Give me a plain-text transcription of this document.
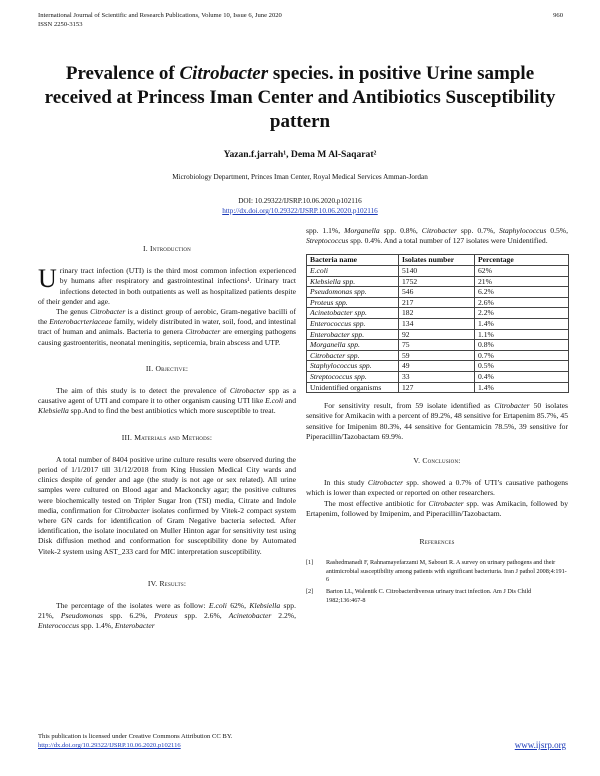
International Journal of Scientific and Research Publications, Volume 10, Issue 6, June 2020
ISSN 2250-3153
960
Prevalence of Citrobacter species. in positive Urine sample received at Princess Iman Center and Antibiotics Susceptibility pattern
Yazan.f.jarrah¹, Dema M Al-Saqarat²
Microbiology Department, Princes Iman Center, Royal Medical Services Amman-Jordan
DOI: 10.29322/IJSRP.10.06.2020.p102116
http://dx.doi.org/10.29322/IJSRP.10.06.2020.p102116
I. Introduction

Urinary tract infection (UTI) is the third most common infection experienced by humans after respiratory and gastrointestinal infections¹. Urinary tract infections detected in both outpatients as well as hospitalized patients despite of their gender and age.

The genus Citrobacter is a distinct group of aerobic, Gram-negative bacilli of the Enterobacrteriaceae family, widely distributed in water, soil, food, and intestinal tract of human and animals. Bacteria to genera Citrobacter are emerging pathogens causing gastroenteritis, neonatal meningitis, septicemia, brain abscess and UTP.

II. Objective:

The aim of this study is to detect the prevalence of Citrobacter spp as a causative agent of UTI and compare it to other organism causing UTI like E.coli and Klebsiella spp.And to find the best antibiotics which more susceptible to treat.

III. Materials and Methods:

A total number of 8404 positive urine culture results were observed during the period of 1/1/2017 till 31/12/2018 from King Hussien Medical City wards and clinics despite of gender and age (the study is not age or sex related). All urine samples were cultured on Blood agar and Mackoncky agar; the positive cultures were biochemically tested on Tripler Sugar Iron (TSI) media, Citrate and Indole media, confirmation for Citrobacter isolates confirmed by Vitek-2 compact system where GN cards for identification of Gram Negative bacteria selected. After identification, the isolate inoculated on Muller Hinton agar for sensitivity test using Disk diffusion method and conformation for susceptibility done by Automated Vitek-2 system using AST_233 card for MIC interpretation susceptibility.

IV. Results:

The percentage of the isolates were as follow: E.coli 62%, Klebsiella spp. 21%, Pseudomonas spp. 6.2%, Proteus spp. 2.6%, Acinetobacter 2.2%, Enterococcus spp. 1.4%, Enterobacter

spp. 1.1%, Morganella spp. 0.8%, Citrobacter spp. 0.7%, Staphylococcus 0.5%, Streptococcus spp. 0.4%. And a total number of 127 isolates were Unidentified.

Bacteria name	Isolates number	Percentage
E.coli	5140	62%
Klebsiella spp.	1752	21%
Pseudomonas spp.	546	6.2%
Proteus spp.	217	2.6%
Acinetobacter spp.	182	2.2%
Enterococcus spp.	134	1.4%
Enterobacter spp.	92	1.1%
Morganella spp.	75	0.8%
Citrobacter spp.	59	0.7%
Staphylococcus spp.	49	0.5%
Streptococcus spp.	33	0.4%
Unidentified organisms	127	1.4%

For sensitivity result, from 59 isolate identified as Citrobacter 50 isolates sensitive for Amikacin with a percent of 89.2%, 48 sensitive for Ertapenim 85.7%, 45 sensitive for Imipenim 80.3%, 44 sensitive for Gentamicin 78.5%, 39 sensitive for Piperacillin/Tazobactam 69.9%.

V. Conclusion:

In this study Citrobacter spp. showed a 0.7% of UTI’s causative pathogens which is lower than expected or reported on other researchers.

The most effective antibiotic for Citrobacter spp. was Amikacin, followed by Ertapenim, followed by Imipenim, and Piperacillin/Tazobactam.

References
[1] Rashedmanadi F, Rahnamayefarzami M, Sabouri R. A survey on urinary pathogens and their antimicrobial susceptibility among patients with significant bacteriuria. Iran J pathol 2008;4:191-6
[2] Barton LL, Walentik C. Citrobacterdiversus urinary tract infection. Am J Dis Child 1982;136:467-8
This publication is licensed under Creative Commons Attribution CC BY.
http://dx.doi.org/10.29322/IJSRP.10.06.2020.p102116	www.ijsrp.org
